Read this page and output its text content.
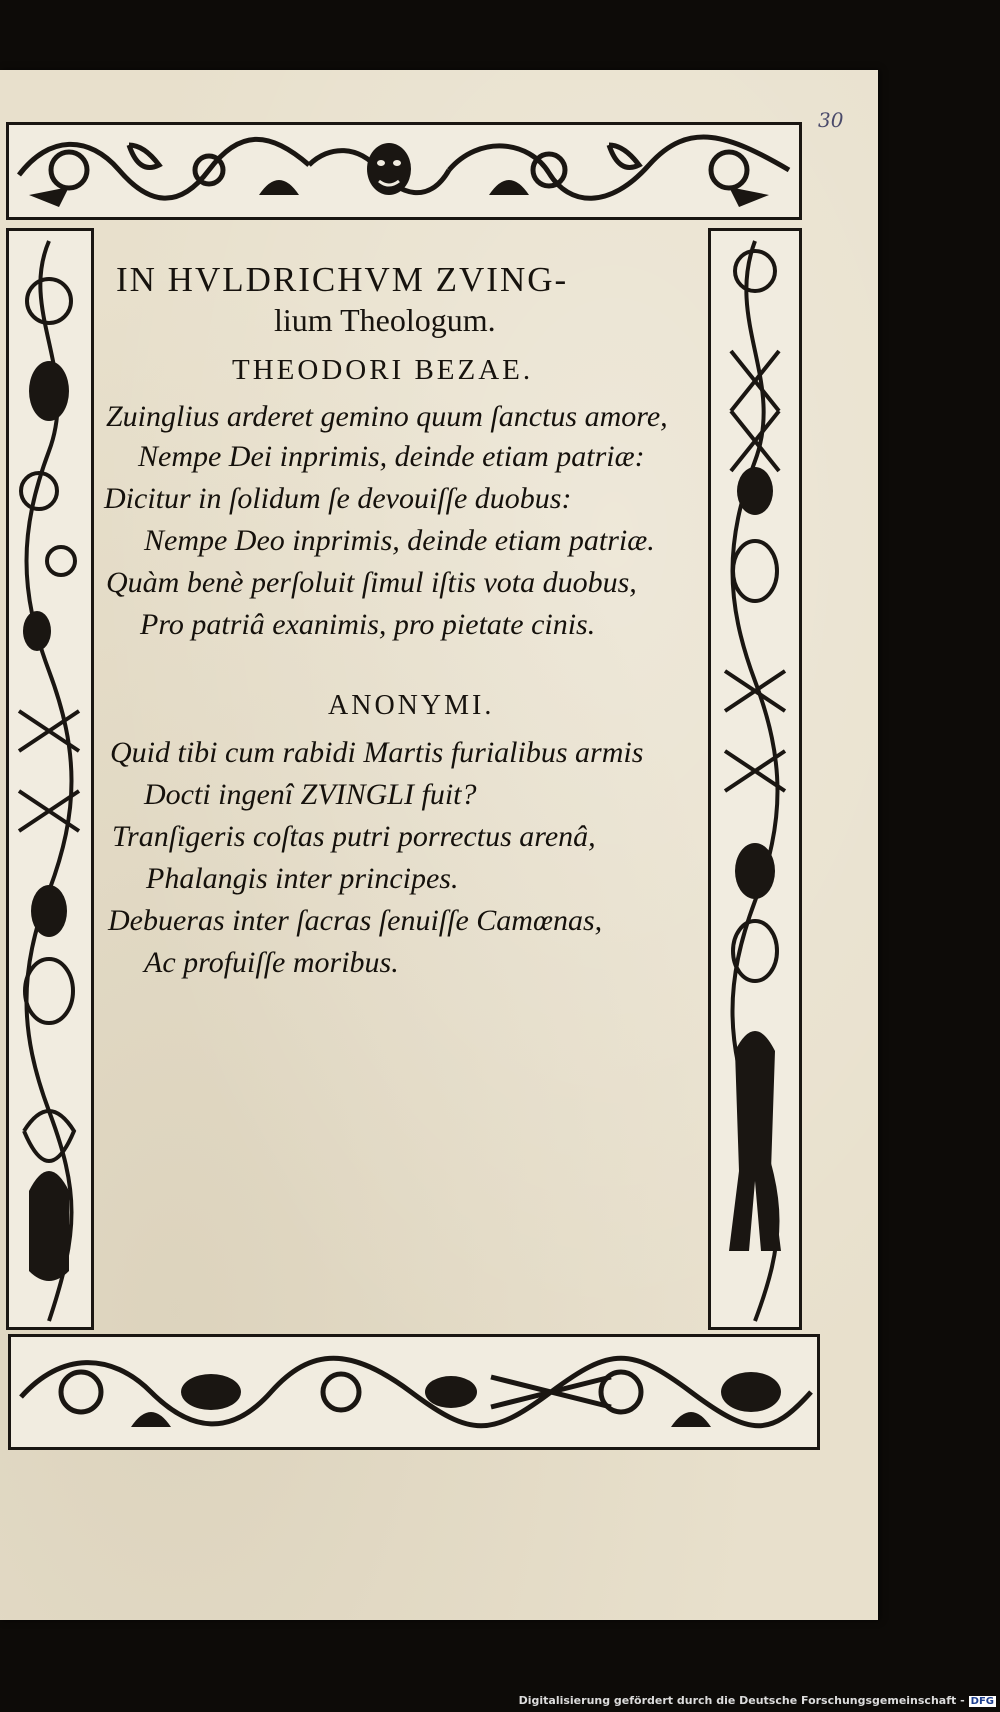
30
IN HVLDRICHVM ZVING-
lium Theologum.
THEODORI BEZAE.

Zuinglius arderet gemino quum ſanctus amore,

Nempe Dei inprimis, deinde etiam patriæ:

Dicitur in ſolidum ſe devouiſſe duobus:

Nempe Deo inprimis, deinde etiam patriæ.

Quàm benè perſoluit ſimul iſtis vota duobus,

Pro patriâ exanimis, pro pietate cinis.

ANONYMI.

Quid tibi cum rabidi Martis furialibus armis

Docti ingenî ZVINGLI fuit?

Tranſigeris coſtas putri porrectus arenâ,

Phalangis inter principes.

Debueras inter ſacras ſenuiſſe Camœnas,

Ac profuiſſe moribus.

Digitalisierung gefördert durch die Deutsche Forschungsgemeinschaft - DFG
